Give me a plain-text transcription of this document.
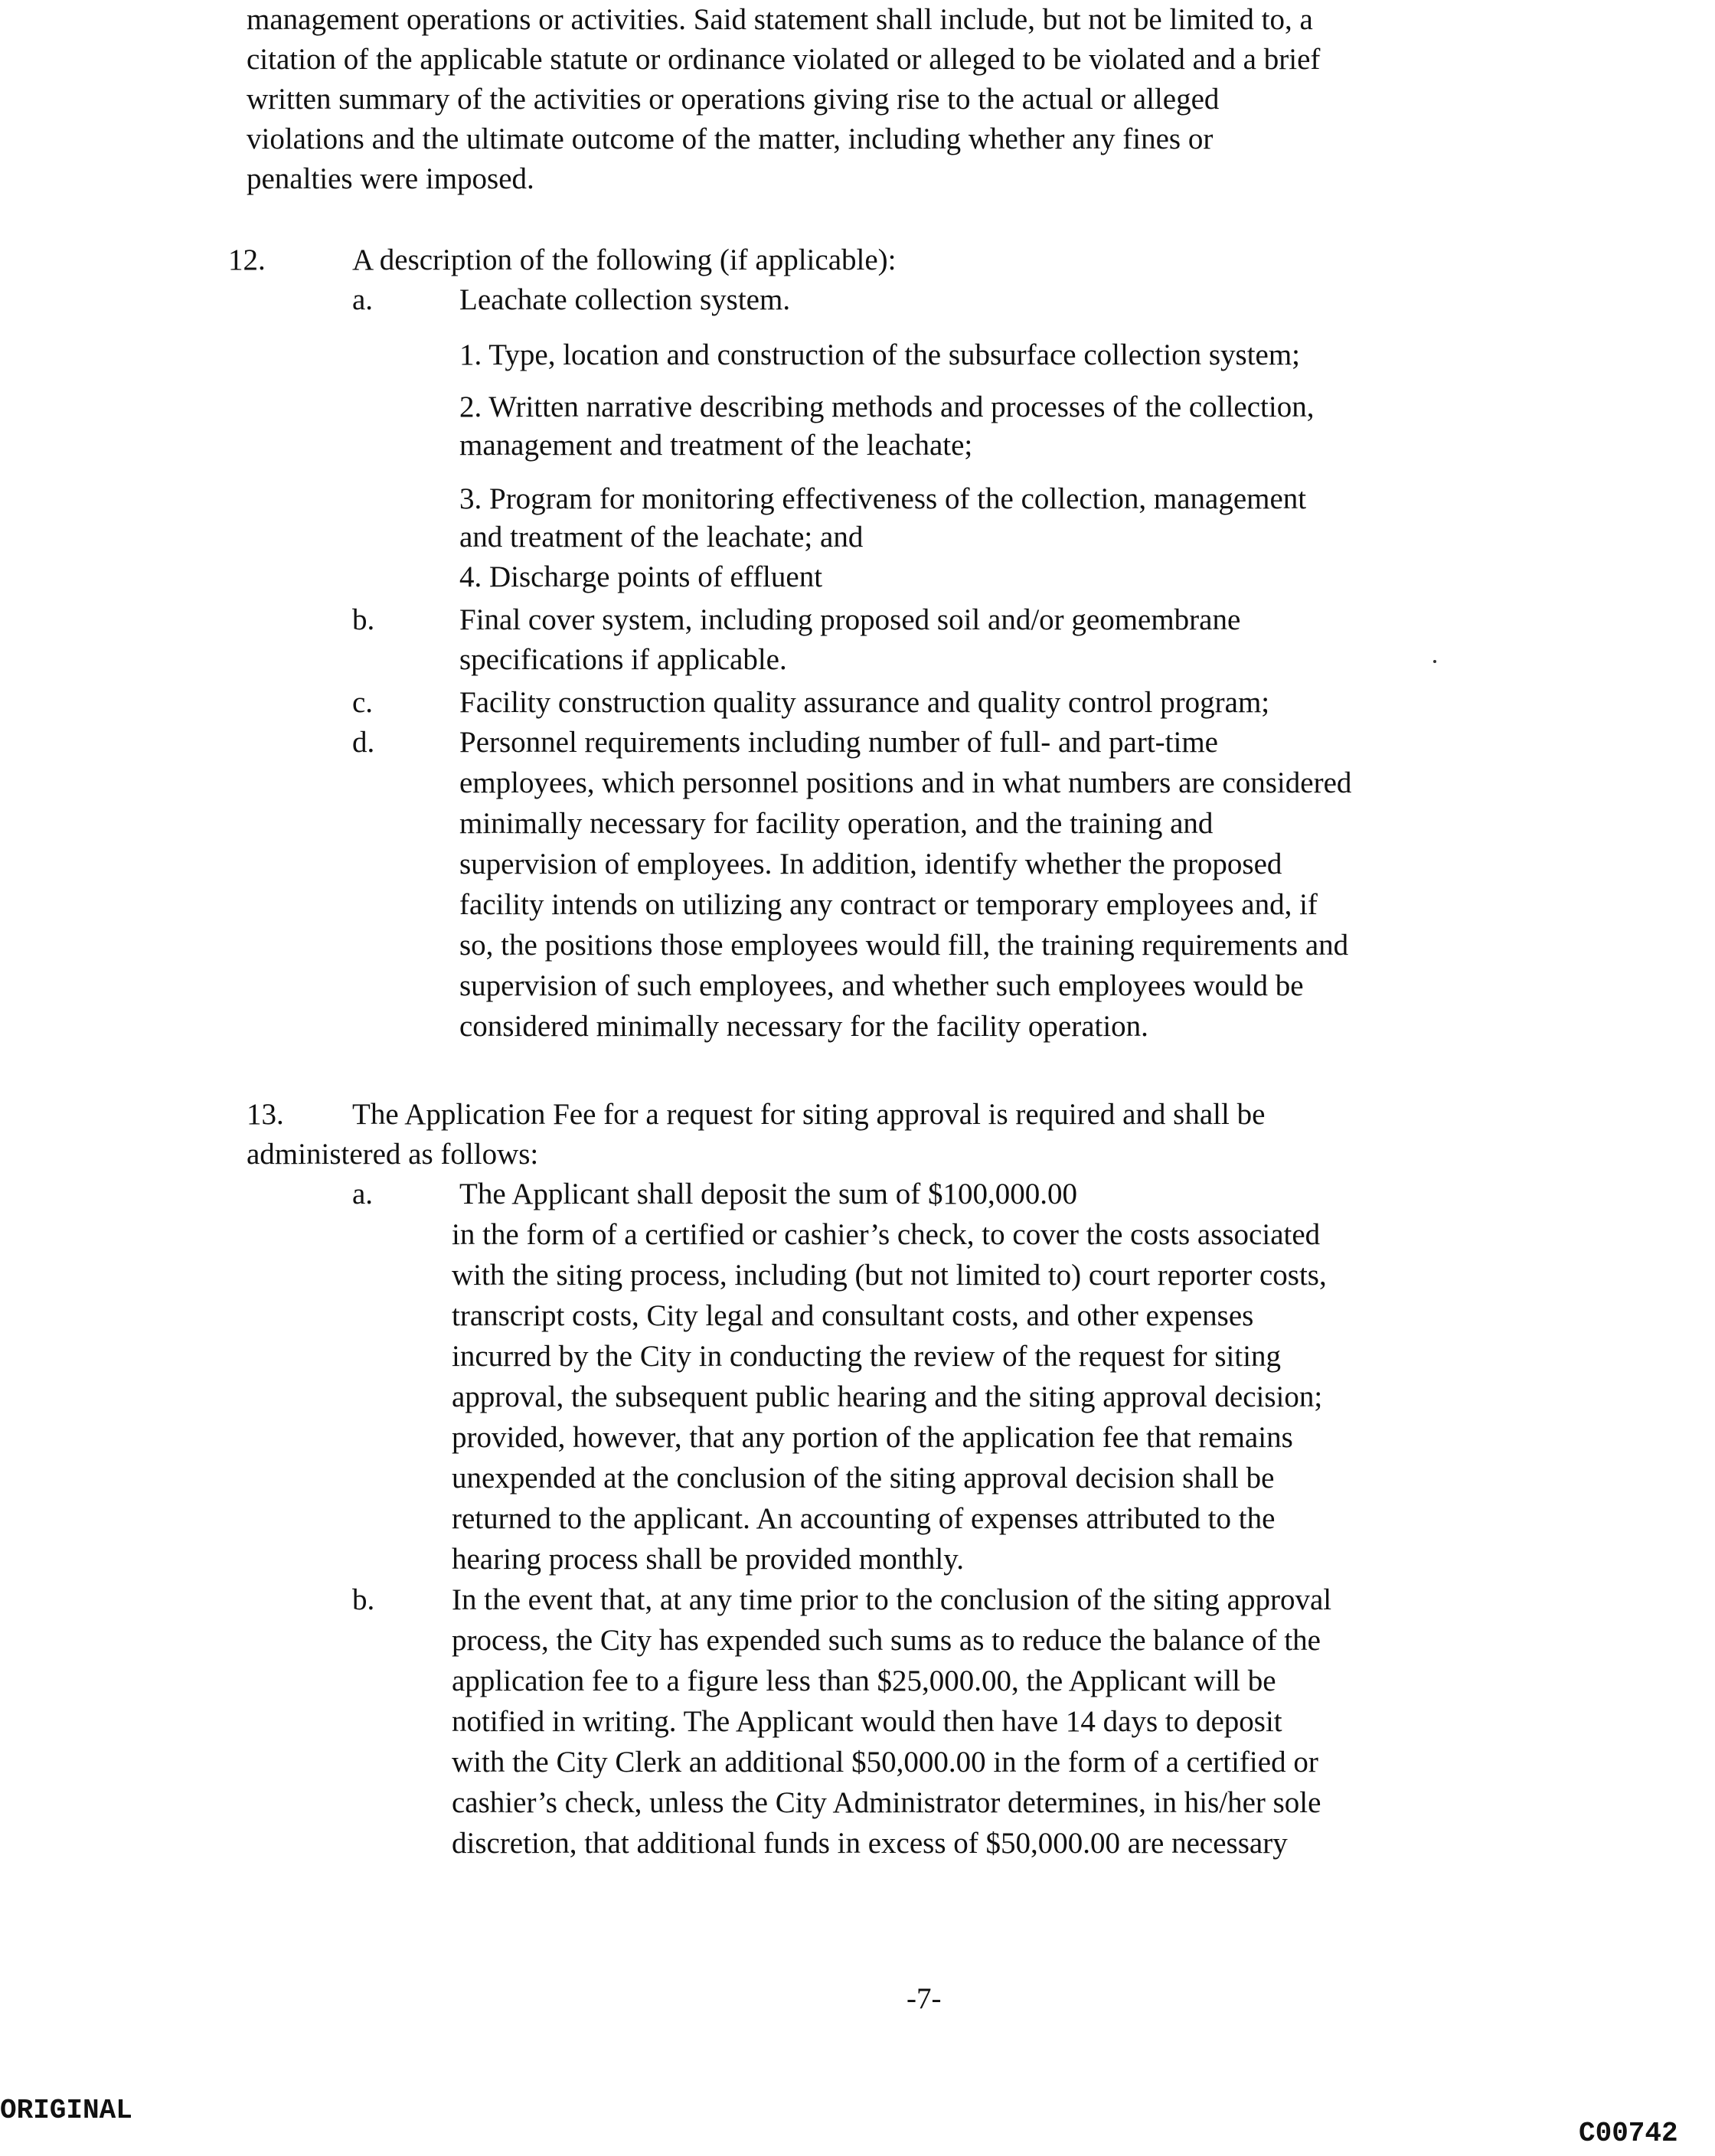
management operations or activities. Said statement shall include, but not be limited to, a
citation of the applicable statute or ordinance violated or alleged to be violated and a brief
written summary of the activities or operations giving rise to the actual or alleged
violations and the ultimate outcome of the matter, including whether any fines or
penalties were imposed.
12.	A description of the following (if applicable):
a.	Leachate collection system.
1. Type, location and construction of the subsurface collection system;
2. Written narrative describing methods and processes of the collection,
management and treatment of the leachate;
3. Program for monitoring effectiveness of the collection, management
and treatment of the leachate; and
4. Discharge points of effluent
b.	Final cover system, including proposed soil and/or geomembrane
specifications if applicable.
c.	Facility construction quality assurance and quality control program;
d.	Personnel requirements including number of full- and part-time
employees, which personnel positions and in what numbers are considered
minimally necessary for facility operation, and the training and
supervision of employees. In addition, identify whether the proposed
facility intends on utilizing any contract or temporary employees and, if
so, the positions those employees would fill, the training requirements and
supervision of such employees, and whether such employees would be
considered minimally necessary for the facility operation.
13. The Application Fee for a request for siting approval is required and shall be
administered as follows:
a.	The Applicant shall deposit the sum of $100,000.00
in the form of a certified or cashier’s check, to cover the costs associated
with the siting process, including (but not limited to) court reporter costs,
transcript costs, City legal and consultant costs, and other expenses
incurred by the City in conducting the review of the request for siting
approval, the subsequent public hearing and the siting approval decision;
provided, however, that any portion of the application fee that remains
unexpended at the conclusion of the siting approval decision shall be
returned to the applicant. An accounting of expenses attributed to the
hearing process shall be provided monthly.
b.	In the event that, at any time prior to the conclusion of the siting approval
process, the City has expended such sums as to reduce the balance of the
application fee to a figure less than $25,000.00, the Applicant will be
notified in writing. The Applicant would then have 14 days to deposit
with the City Clerk an additional $50,000.00 in the form of a certified or
cashier’s check, unless the City Administrator determines, in his/her sole
discretion, that additional funds in excess of $50,000.00 are necessary
-7-
ORIGINAL
C00742
